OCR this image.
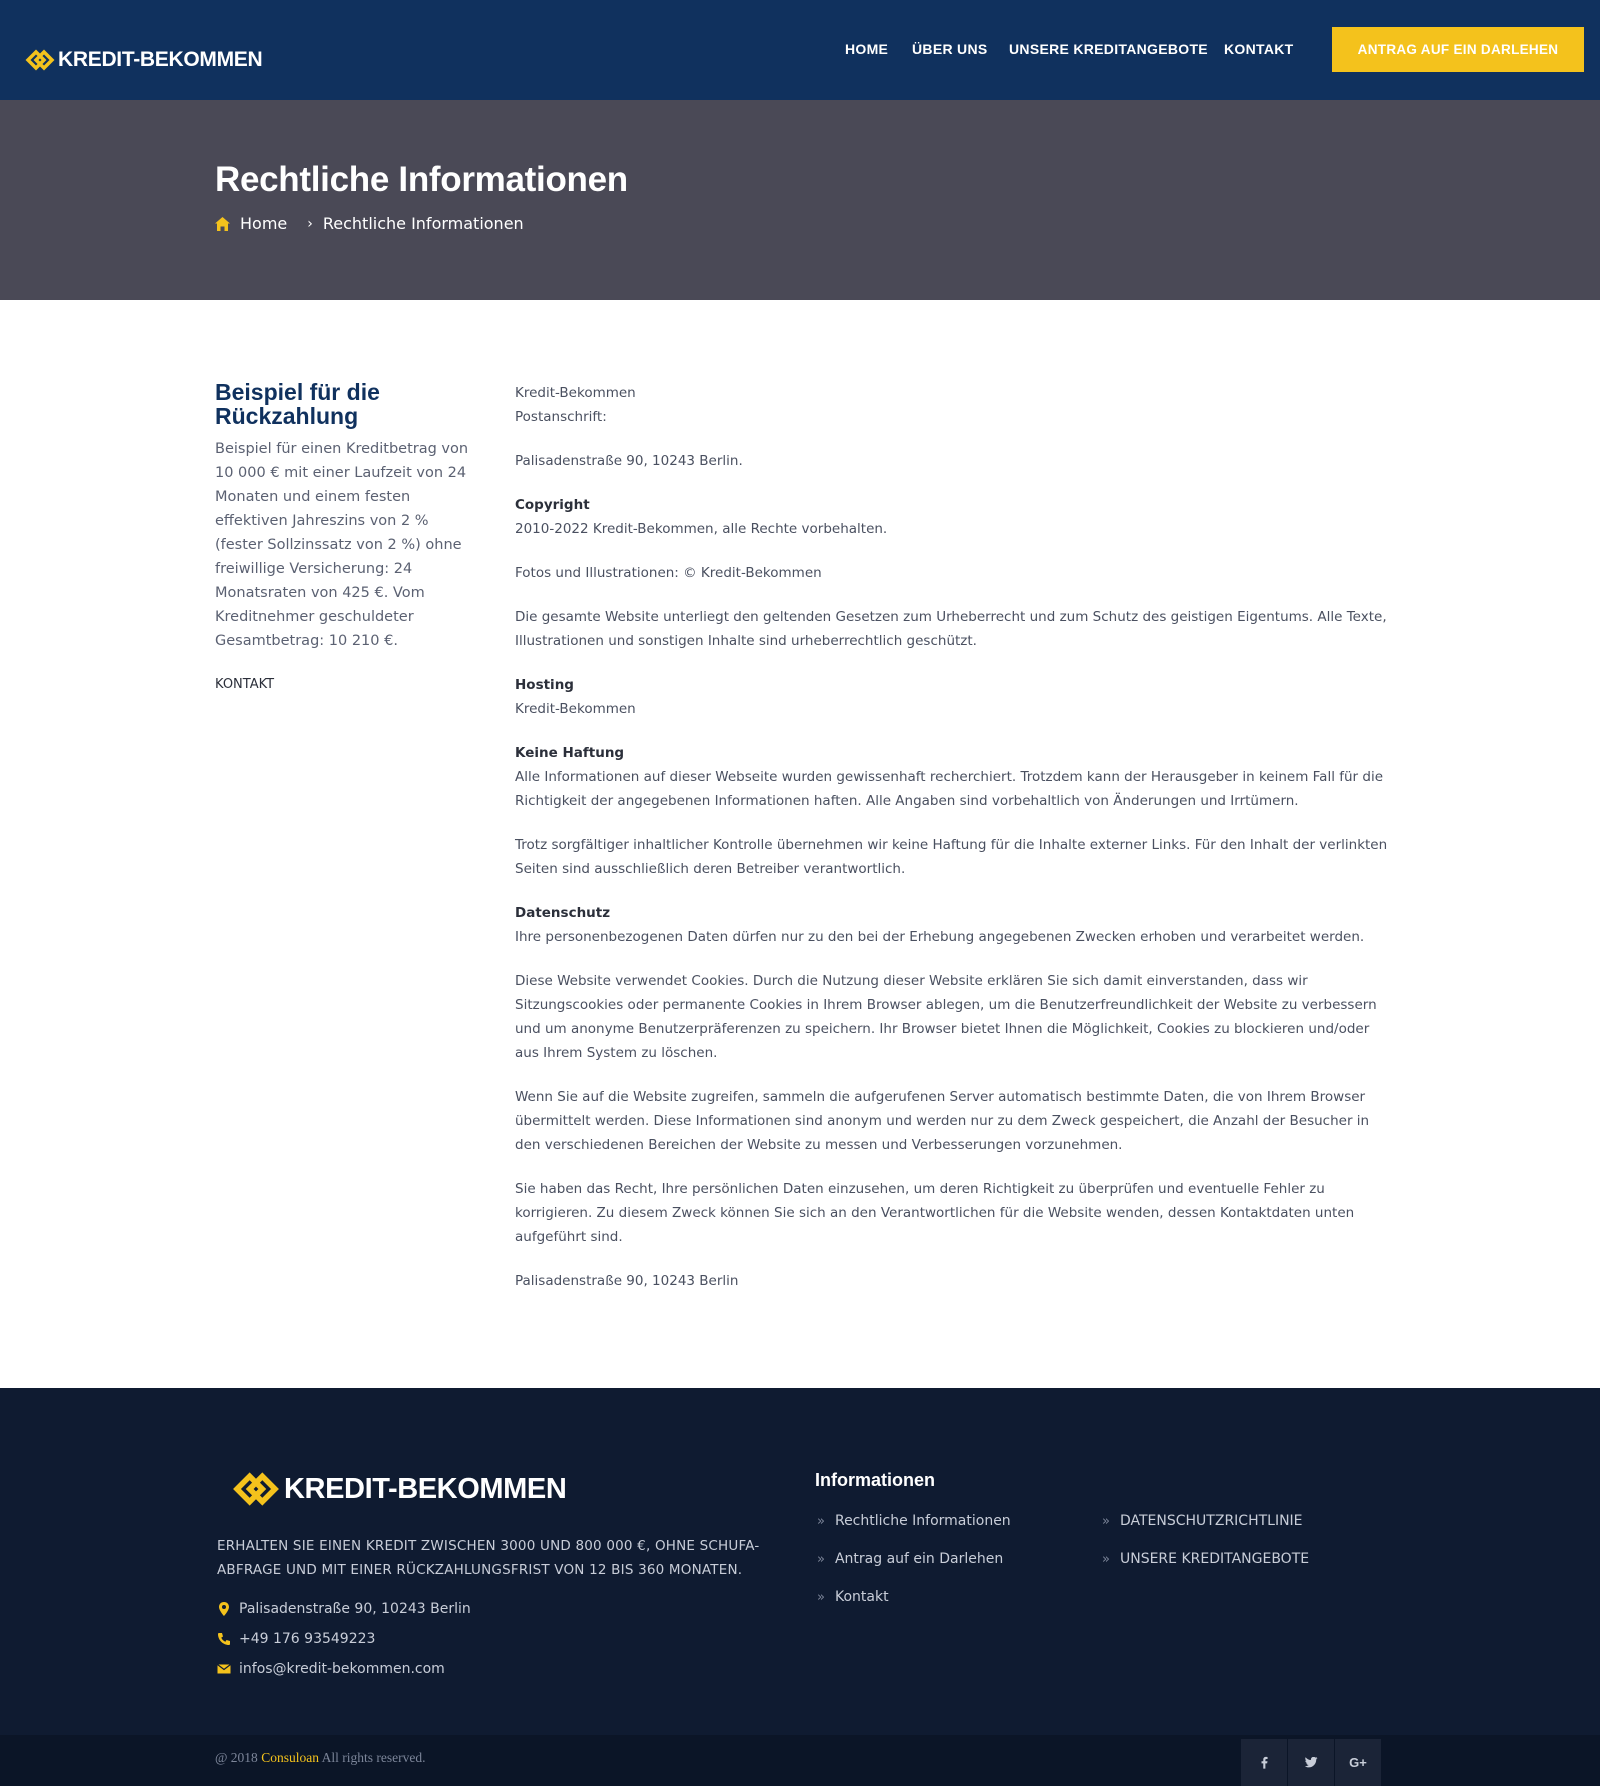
KREDIT-BEKOMMEN	HOME ÜBER UNS UNSERE KREDITANGEBOTE KONTAKT	ANTRAG AUF EIN DARLEHEN
Rechtliche Informationen
Home › Rechtliche Informationen
Beispiel für die Rückzahlung

Beispiel für einen Kreditbetrag von 10 000 € mit einer Laufzeit von 24 Monaten und einem festen effektiven Jahreszins von 2 % (fester Sollzinssatz von 2 %) ohne freiwillige Versicherung: 24 Monatsraten von 425 €. Vom Kreditnehmer geschuldeter Gesamtbetrag: 10 210 €.

KONTAKT

Kredit-Bekommen
Postanschrift:

Palisadenstraße 90, 10243 Berlin.

Copyright
2010-2022 Kredit-Bekommen, alle Rechte vorbehalten.

Fotos und Illustrationen: © Kredit-Bekommen

Die gesamte Website unterliegt den geltenden Gesetzen zum Urheberrecht und zum Schutz des geistigen Eigentums. Alle Texte, Illustrationen und sonstigen Inhalte sind urheberrechtlich geschützt.

Hosting
Kredit-Bekommen

Keine Haftung
Alle Informationen auf dieser Webseite wurden gewissenhaft recherchiert. Trotzdem kann der Herausgeber in keinem Fall für die Richtigkeit der angegebenen Informationen haften. Alle Angaben sind vorbehaltlich von Änderungen und Irrtümern.

Trotz sorgfältiger inhaltlicher Kontrolle übernehmen wir keine Haftung für die Inhalte externer Links. Für den Inhalt der verlinkten Seiten sind ausschließlich deren Betreiber verantwortlich.

Datenschutz
Ihre personenbezogenen Daten dürfen nur zu den bei der Erhebung angegebenen Zwecken erhoben und verarbeitet werden.

Diese Website verwendet Cookies. Durch die Nutzung dieser Website erklären Sie sich damit einverstanden, dass wir Sitzungscookies oder permanente Cookies in Ihrem Browser ablegen, um die Benutzerfreundlichkeit der Website zu verbessern und um anonyme Benutzerpräferenzen zu speichern. Ihr Browser bietet Ihnen die Möglichkeit, Cookies zu blockieren und/oder aus Ihrem System zu löschen.

Wenn Sie auf die Website zugreifen, sammeln die aufgerufenen Server automatisch bestimmte Daten, die von Ihrem Browser übermittelt werden. Diese Informationen sind anonym und werden nur zu dem Zweck gespeichert, die Anzahl der Besucher in den verschiedenen Bereichen der Website zu messen und Verbesserungen vorzunehmen.

Sie haben das Recht, Ihre persönlichen Daten einzusehen, um deren Richtigkeit zu überprüfen und eventuelle Fehler zu korrigieren. Zu diesem Zweck können Sie sich an den Verantwortlichen für die Website wenden, dessen Kontaktdaten unten aufgeführt sind.

Palisadenstraße 90, 10243 Berlin

KREDIT-BEKOMMEN

ERHALTEN SIE EINEN KREDIT ZWISCHEN 3000 UND 800 000 €, OHNE SCHUFA-ABFRAGE UND MIT EINER RÜCKZAHLUNGSFRIST VON 12 BIS 360 MONATEN.

Palisadenstraße 90, 10243 Berlin
+49 176 93549223
infos@kredit-bekommen.com
Informationen
» Rechtliche Informationen
» Antrag auf ein Darlehen
» Kontakt
» DATENSCHUTZRICHTLINIE
» UNSERE KREDITANGEBOTE
@ 2018 Consuloan All rights reserved.	G+
